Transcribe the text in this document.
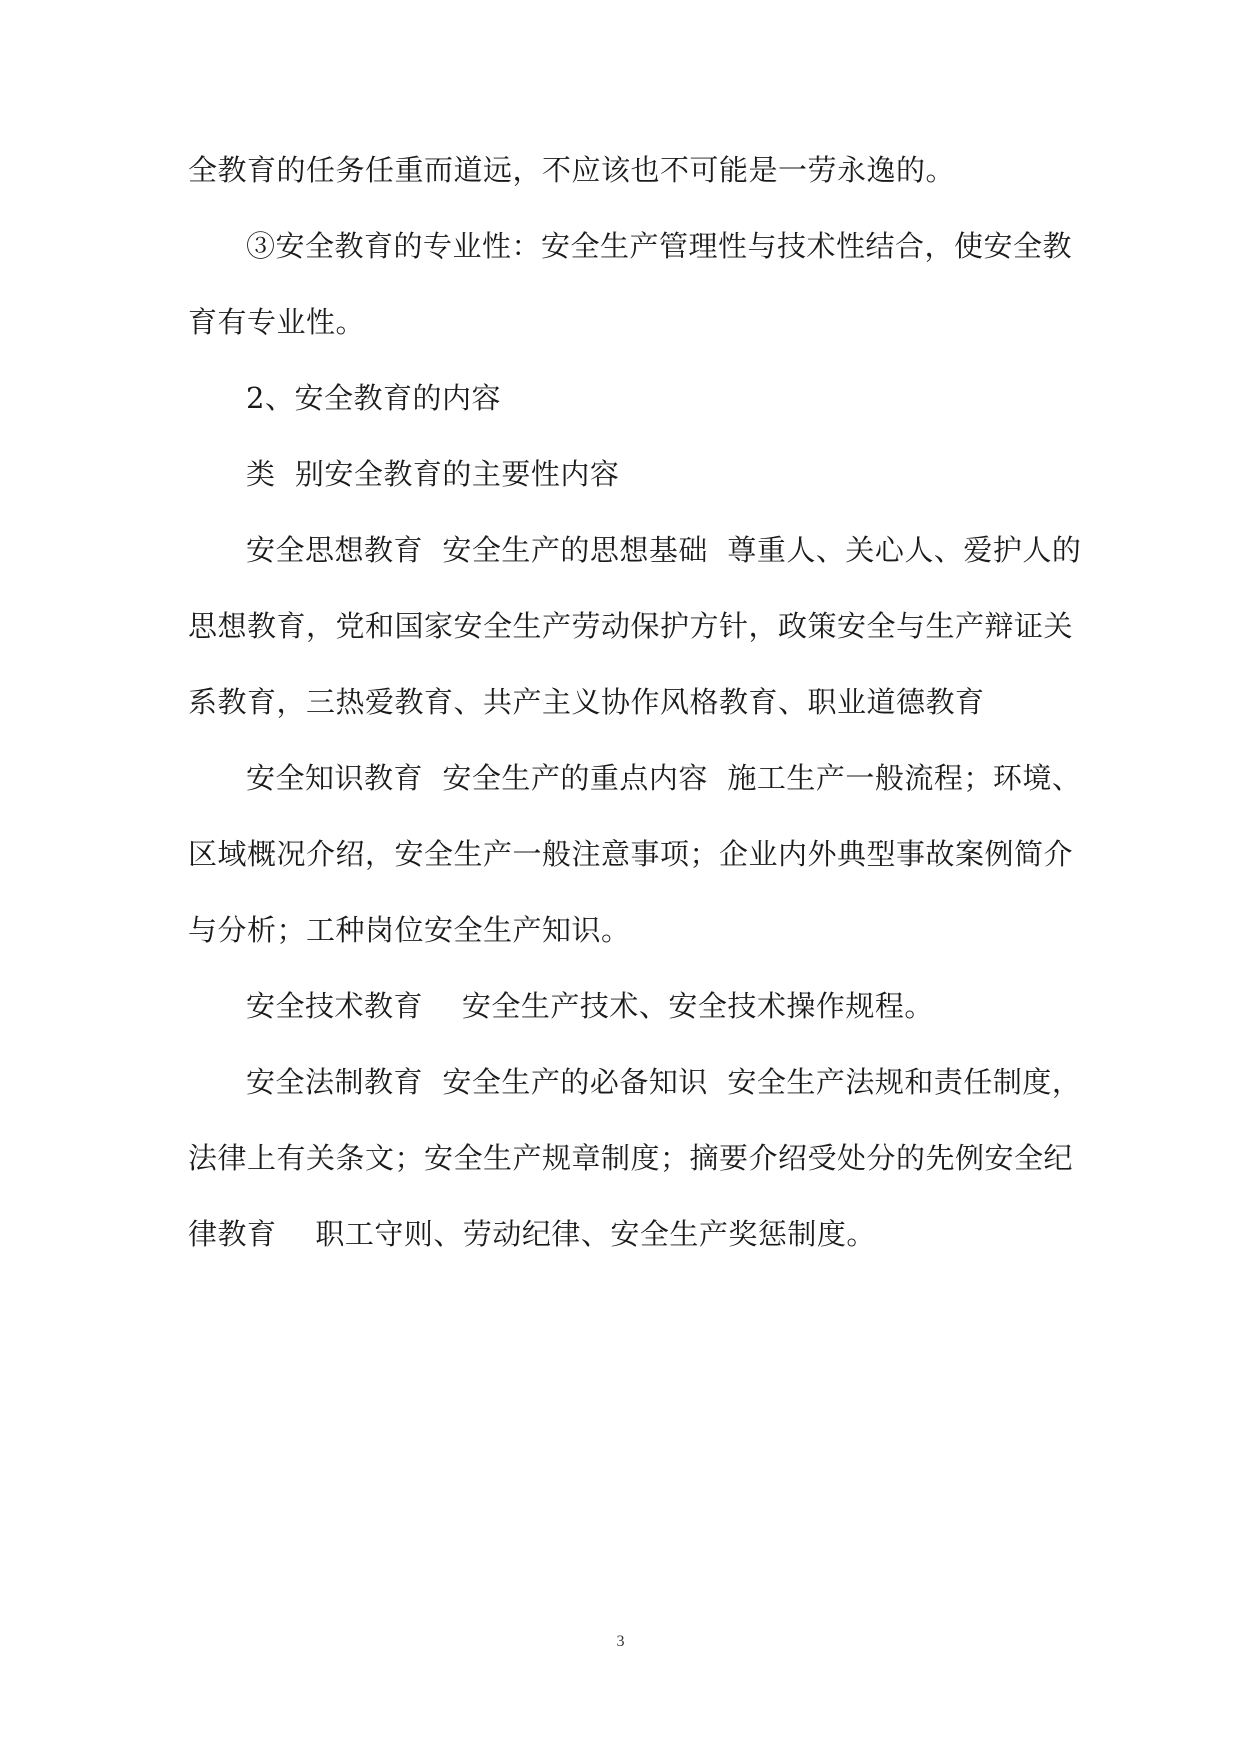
全教育的任务任重而道远，不应该也不可能是一劳永逸的。
③安全教育的专业性：安全生产管理性与技术性结合，使安全教
育有专业性。
2、安全教育的内容
类  别安全教育的主要性内容
安全思想教育  安全生产的思想基础  尊重人、关心人、爱护人的
思想教育，党和国家安全生产劳动保护方针，政策安全与生产辩证关
系教育，三热爱教育、共产主义协作风格教育、职业道德教育
安全知识教育  安全生产的重点内容  施工生产一般流程；环境、
区域概况介绍，安全生产一般注意事项；企业内外典型事故案例简介
与分析；工种岗位安全生产知识。
安全技术教育    安全生产技术、安全技术操作规程。
安全法制教育  安全生产的必备知识  安全生产法规和责任制度，
法律上有关条文；安全生产规章制度；摘要介绍受处分的先例安全纪
律教育    职工守则、劳动纪律、安全生产奖惩制度。
3
